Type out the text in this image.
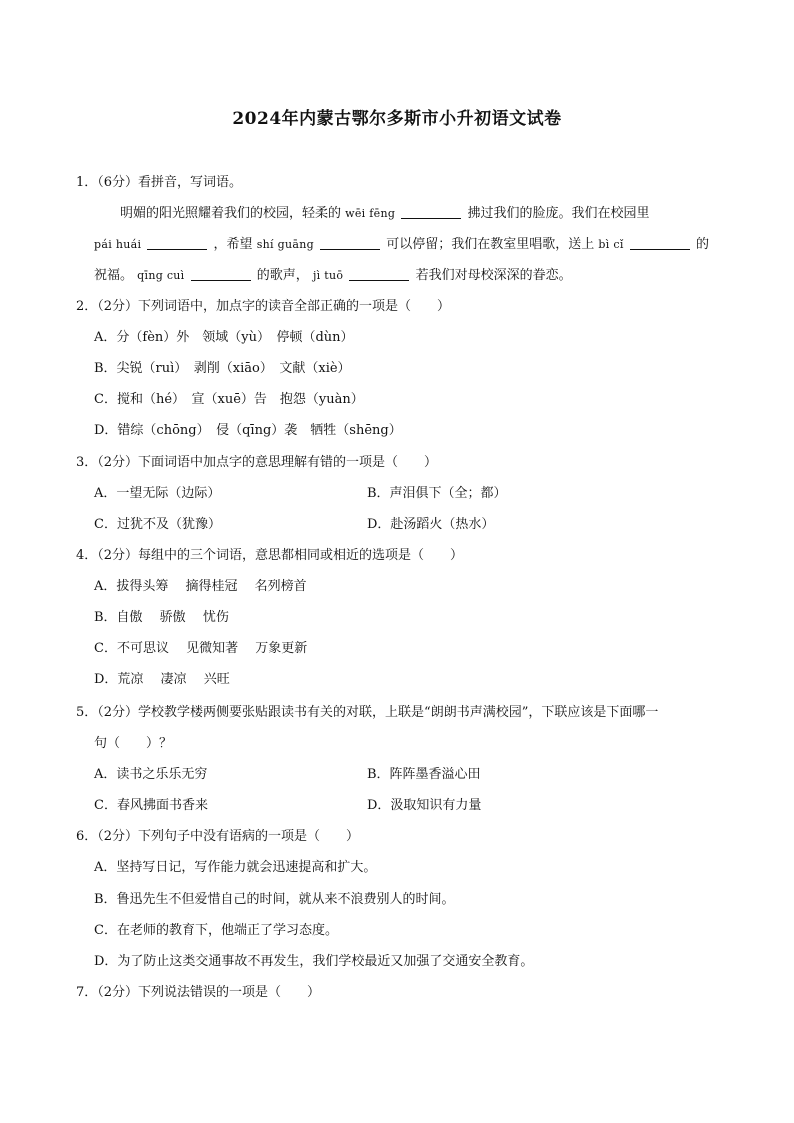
2024年内蒙古鄂尔多斯市小升初语文试卷
1．（6分）看拼音，写词语。
明媚的阳光照耀着我们的校园，轻柔的 wēi fēng	拂过我们的脸庞。我们在校园里
pái huái	，希望 shí guāng	可以停留；我们在教室里唱歌，送上 bì cǐ	的
祝福。 qīng cuì	的歌声， jì tuō	若我们对母校深深的眷恋。
2．（2分）下列词语中，加点字的读音全部正确的一项是（　　）
A．分（fèn）外　领域（yù）　停顿（dùn）
B．尖锐（ruì）　剥削（xiāo）　文献（xiè）
C．搅和（hé）　宣（xuē）告　抱怨（yuàn）
D．错综（chōng）　侵（qīng）袭　牺牲（shēng）
3．（2分）下面词语中加点字的意思理解有错的一项是（　　）
A．一望无际（边际）	B．声泪俱下（全；都）
C．过犹不及（犹豫）	D．赴汤蹈火（热水）
4．（2分）每组中的三个词语，意思都相同或相近的选项是（　　）
A．拔得头筹　 摘得桂冠　 名列榜首
B．自傲　 骄傲　 忧伤
C．不可思议　 见微知著　 万象更新
D．荒凉　 凄凉　 兴旺
5．（2分）学校教学楼两侧要张贴跟读书有关的对联，上联是“朗朗书声满校园”，下联应该是下面哪一
句（　　）？
A．读书之乐乐无穷	B．阵阵墨香溢心田
C．春风拂面书香来	D．汲取知识有力量
6．（2分）下列句子中没有语病的一项是（　　）
A．坚持写日记，写作能力就会迅速提高和扩大。
B．鲁迅先生不但爱惜自己的时间，就从来不浪费别人的时间。
C．在老师的教育下，他端正了学习态度。
D．为了防止这类交通事故不再发生，我们学校最近又加强了交通安全教育。
7．（2分）下列说法错误的一项是（　　）
